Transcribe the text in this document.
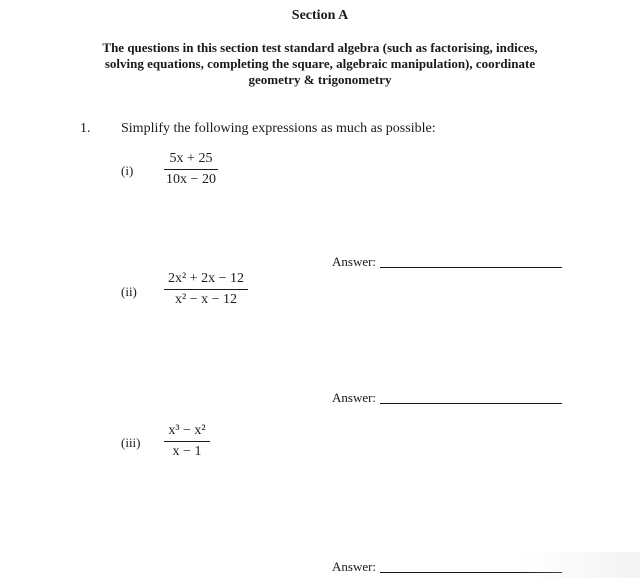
Section A
The questions in this section test standard algebra (such as factorising, indices,
solving equations, completing the square, algebraic manipulation), coordinate
geometry & trigonometry
1. Simplify the following expressions as much as possible:
(i)
5x + 25
10x − 20
Answer:
(ii)
2x² + 2x − 12
x² − x − 12
Answer:
(iii)
x³ − x²
x − 1
Answer:
